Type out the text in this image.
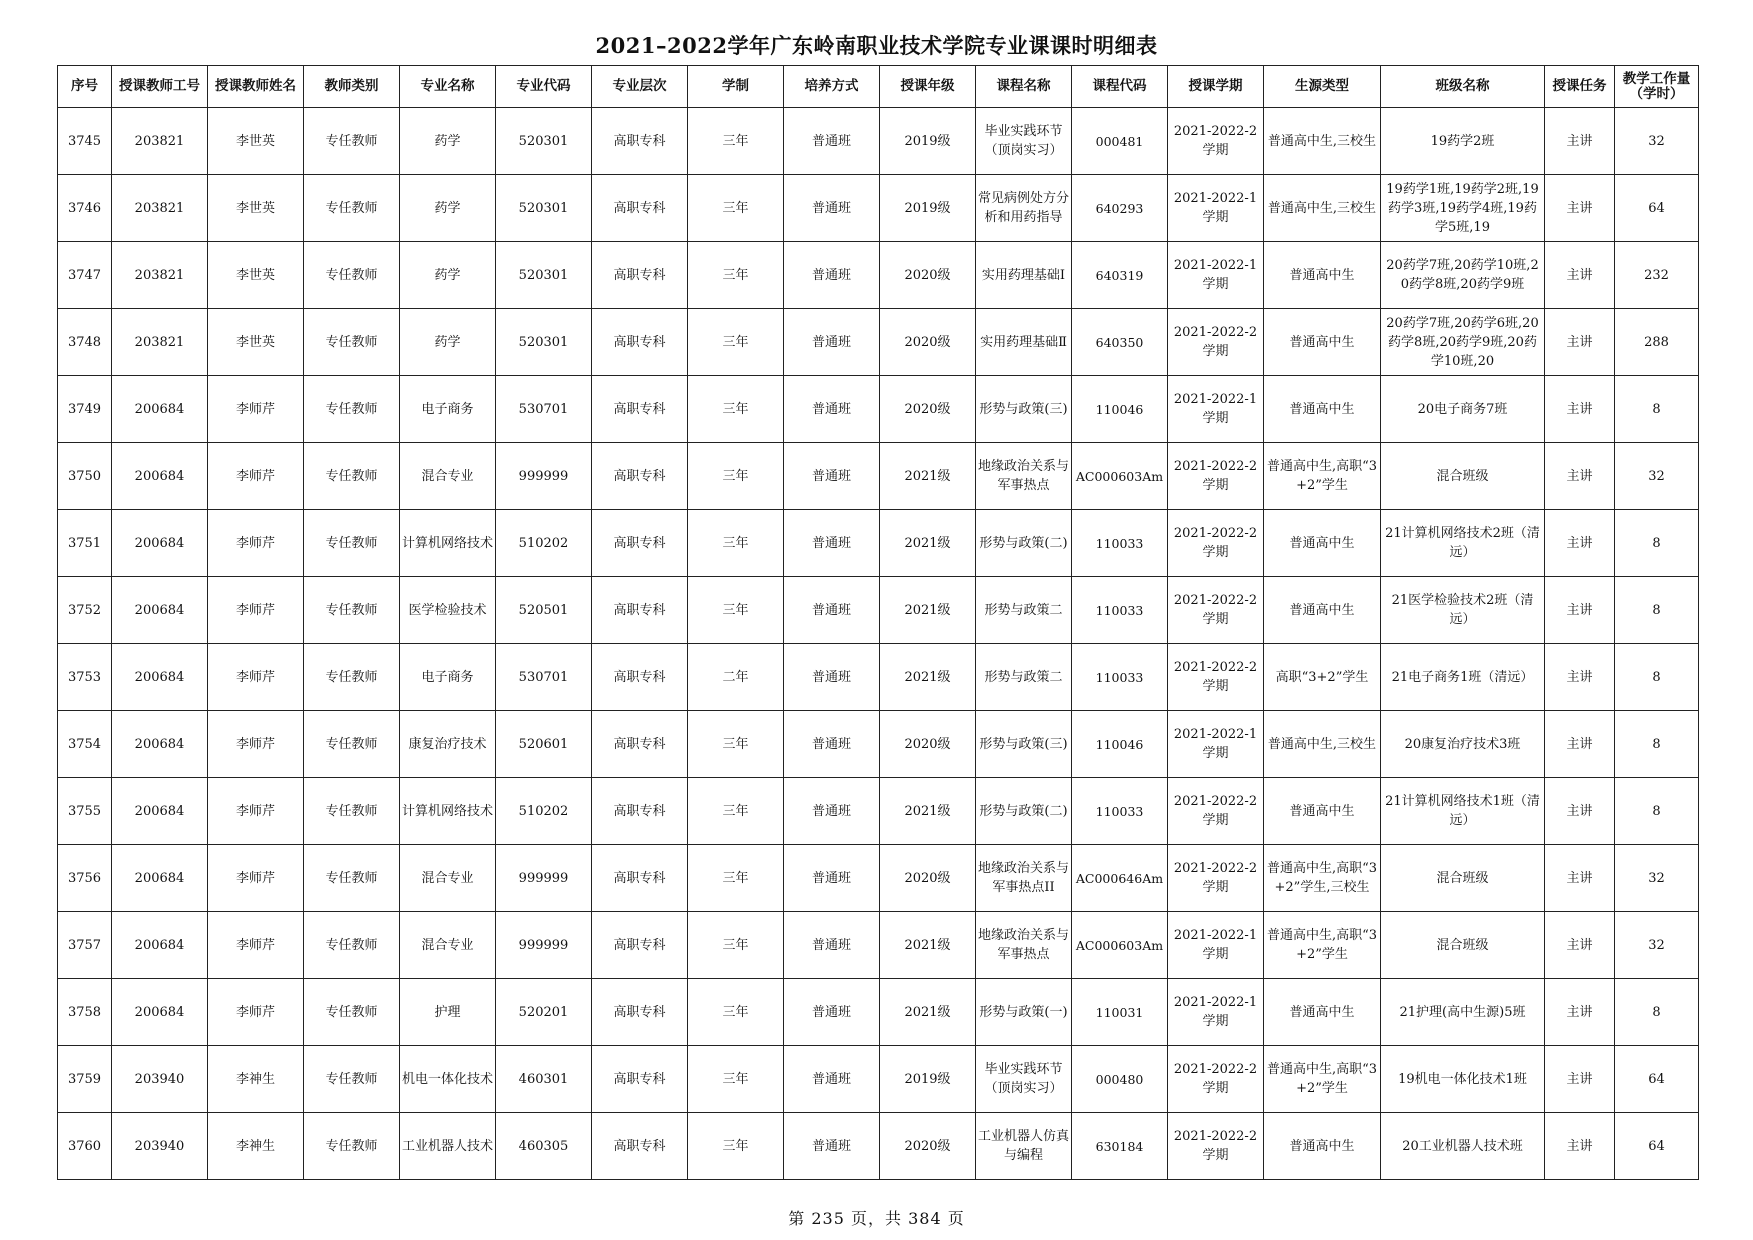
2021–2022学年广东岭南职业技术学院专业课课时明细表
序号	授课教师工号	授课教师姓名	教师类别	专业名称	专业代码	专业层次	学制	培养方式	授课年级	课程名称	课程代码	授课学期	生源类型	班级名称	授课任务	教学工作量（学时）

3745	203821	李世英	专任教师	药学	520301	高职专科	三年	普通班	2019级	毕业实践环节（顶岗实习）	000481	2021-2022-2学期	普通高中生,三校生	19药学2班	主讲	32

3746	203821	李世英	专任教师	药学	520301	高职专科	三年	普通班	2019级	常见病例处方分析和用药指导	640293	2021-2022-1学期	普通高中生,三校生	19药学1班,19药学2班,19药学3班,19药学4班,19药学5班,19	主讲	64

3747	203821	李世英	专任教师	药学	520301	高职专科	三年	普通班	2020级	实用药理基础Ⅰ	640319	2021-2022-1学期	普通高中生	20药学7班,20药学10班,20药学8班,20药学9班	主讲	232

3748	203821	李世英	专任教师	药学	520301	高职专科	三年	普通班	2020级	实用药理基础Ⅱ	640350	2021-2022-2学期	普通高中生	20药学7班,20药学6班,20药学8班,20药学9班,20药学10班,20	主讲	288

3749	200684	李师芹	专任教师	电子商务	530701	高职专科	三年	普通班	2020级	形势与政策(三)	110046	2021-2022-1学期	普通高中生	20电子商务7班	主讲	8

3750	200684	李师芹	专任教师	混合专业	999999	高职专科	三年	普通班	2021级	地缘政治关系与军事热点	AC000603Am	2021-2022-2学期	普通高中生,高职“3+2”学生	混合班级	主讲	32

3751	200684	李师芹	专任教师	计算机网络技术	510202	高职专科	三年	普通班	2021级	形势与政策(二)	110033	2021-2022-2学期	普通高中生	21计算机网络技术2班（清远）	主讲	8

3752	200684	李师芹	专任教师	医学检验技术	520501	高职专科	三年	普通班	2021级	形势与政策二	110033	2021-2022-2学期	普通高中生	21医学检验技术2班（清远）	主讲	8

3753	200684	李师芹	专任教师	电子商务	530701	高职专科	二年	普通班	2021级	形势与政策二	110033	2021-2022-2学期	高职“3+2”学生	21电子商务1班（清远）	主讲	8

3754	200684	李师芹	专任教师	康复治疗技术	520601	高职专科	三年	普通班	2020级	形势与政策(三)	110046	2021-2022-1学期	普通高中生,三校生	20康复治疗技术3班	主讲	8

3755	200684	李师芹	专任教师	计算机网络技术	510202	高职专科	三年	普通班	2021级	形势与政策(二)	110033	2021-2022-2学期	普通高中生	21计算机网络技术1班（清远）	主讲	8

3756	200684	李师芹	专任教师	混合专业	999999	高职专科	三年	普通班	2020级	地缘政治关系与军事热点II	AC000646Am	2021-2022-2学期	普通高中生,高职“3+2”学生,三校生	混合班级	主讲	32

3757	200684	李师芹	专任教师	混合专业	999999	高职专科	三年	普通班	2021级	地缘政治关系与军事热点	AC000603Am	2021-2022-1学期	普通高中生,高职“3+2”学生	混合班级	主讲	32

3758	200684	李师芹	专任教师	护理	520201	高职专科	三年	普通班	2021级	形势与政策(一)	110031	2021-2022-1学期	普通高中生	21护理(高中生源)5班	主讲	8

3759	203940	李神生	专任教师	机电一体化技术	460301	高职专科	三年	普通班	2019级	毕业实践环节（顶岗实习）	000480	2021-2022-2学期	普通高中生,高职“3+2”学生	19机电一体化技术1班	主讲	64

3760	203940	李神生	专任教师	工业机器人技术	460305	高职专科	三年	普通班	2020级	工业机器人仿真与编程	630184	2021-2022-2学期	普通高中生	20工业机器人技术班	主讲	64
第 235 页，共 384 页
